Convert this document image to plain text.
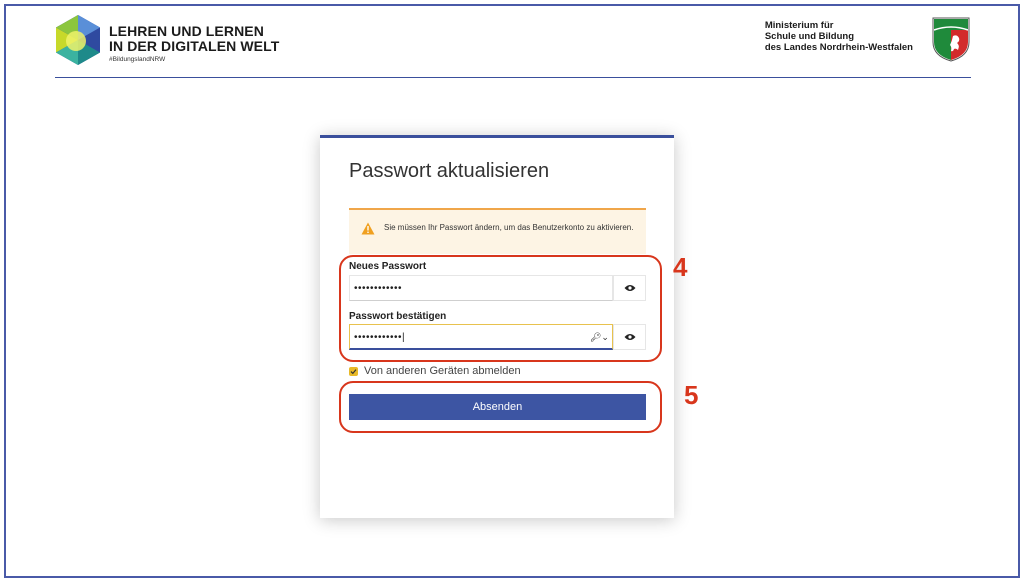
LEHREN UND LERNEN
IN DER DIGITALEN WELT
#BildungslandNRW
Ministerium für
Schule und Bildung
des Landes Nordrhein-Westfalen
Passwort aktualisieren
Sie müssen Ihr Passwort ändern, um das Benutzerkonto zu aktivieren.
Neues Passwort
••••••••••••
Passwort bestätigen
••••••••••••|	🔑︎⌄
Von anderen Geräten abmelden
Absenden
4
5
